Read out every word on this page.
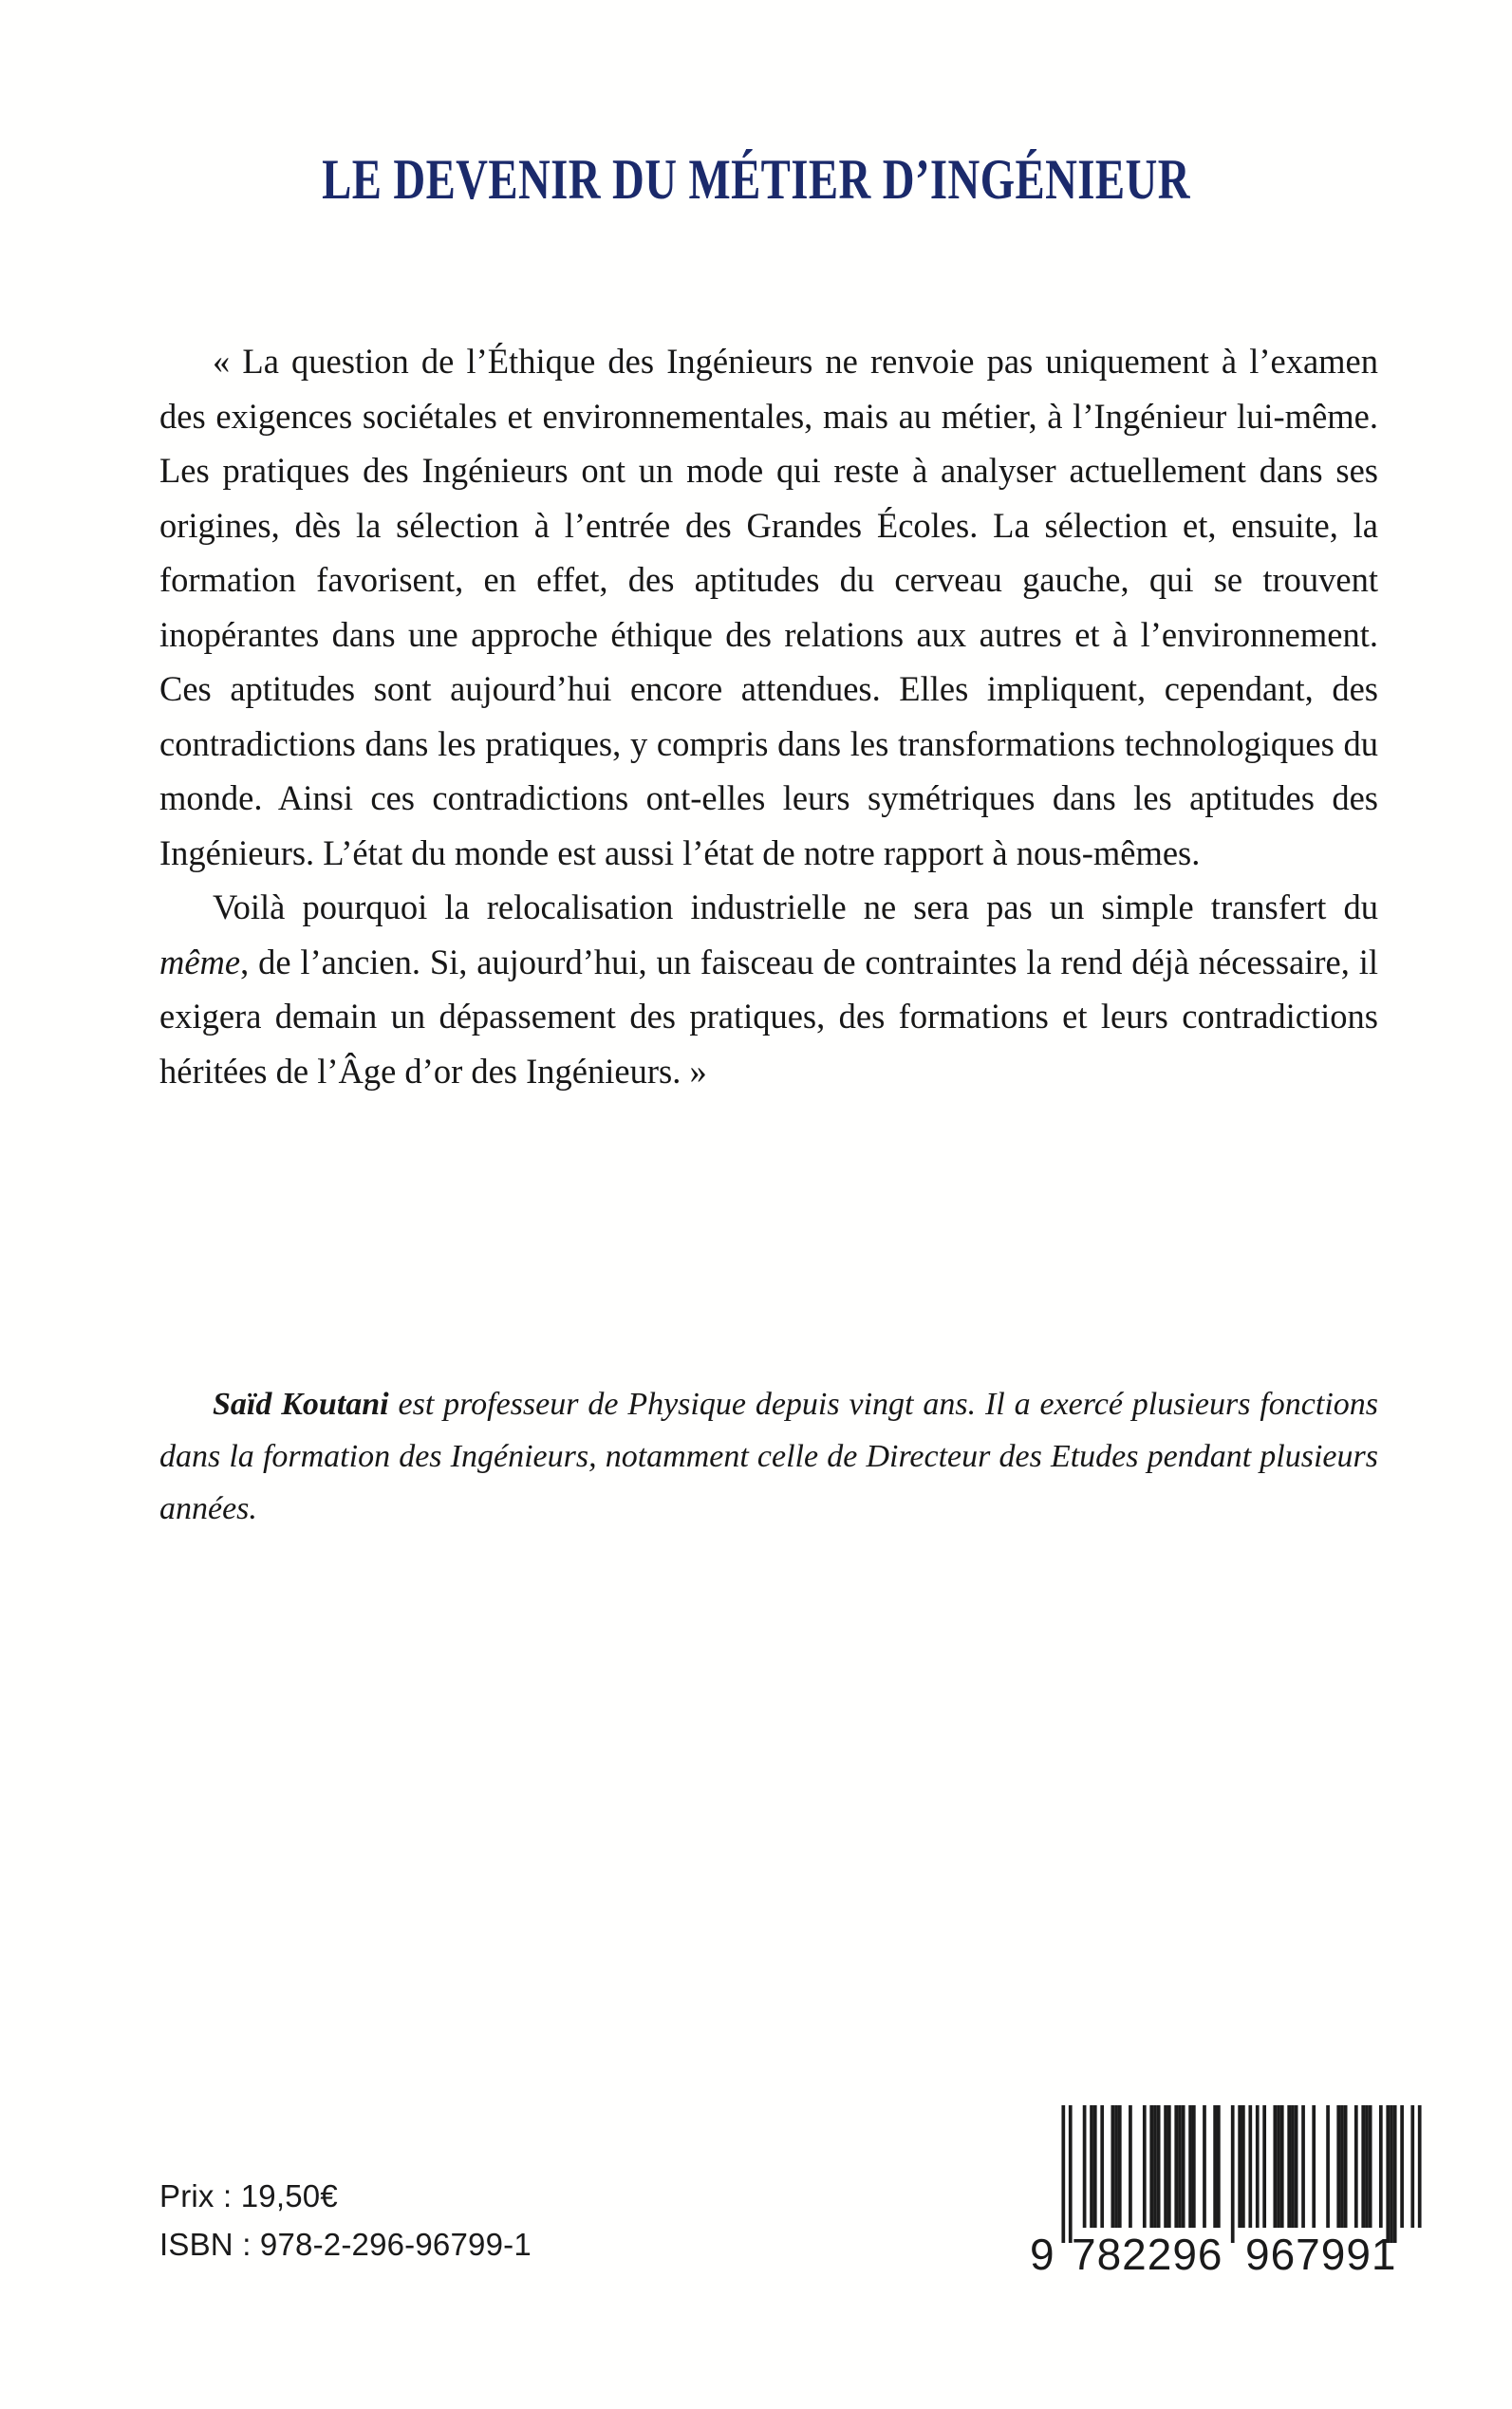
LE DEVENIR DU MÉTIER D’INGÉNIEUR

« La question de l’Éthique des Ingénieurs ne renvoie pas uniquement à l’examen des exigences sociétales et environnementales, mais au métier, à l’Ingénieur lui-même. Les pratiques des Ingénieurs ont un mode qui reste à analyser actuellement dans ses origines, dès la sélection à l’entrée des Grandes Écoles. La sélection et, ensuite, la formation favorisent, en effet, des aptitudes du cerveau gauche, qui se trouvent inopérantes dans une approche éthique des relations aux autres et à l’environnement. Ces aptitudes sont aujourd’hui encore attendues. Elles impliquent, cependant, des contradictions dans les pratiques, y compris dans les transformations technologiques du monde. Ainsi ces contradictions ont-elles leurs symétriques dans les aptitudes des Ingénieurs. L’état du monde est aussi l’état de notre rapport à nous-mêmes.

Voilà pourquoi la relocalisation industrielle ne sera pas un simple transfert du même, de l’ancien. Si, aujourd’hui, un faisceau de contraintes la rend déjà nécessaire, il exigera demain un dépassement des pratiques, des formations et leurs contradictions héritées de l’Âge d’or des Ingénieurs. »

Saïd Koutani est professeur de Physique depuis vingt ans. Il a exercé plusieurs fonctions dans la formation des Ingénieurs, notamment celle de Directeur des Etudes pendant plusieurs années.

Prix : 19,50€
ISBN : 978-2-296-96799-1	9 782296 967991
